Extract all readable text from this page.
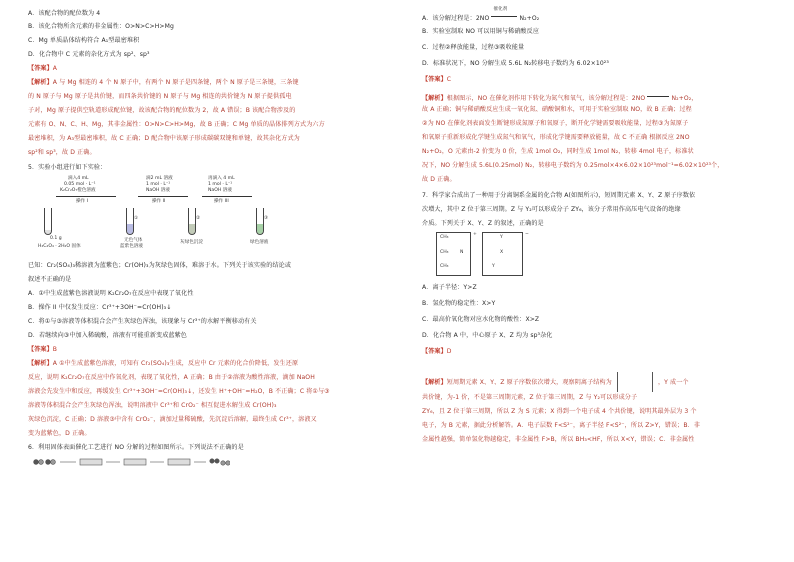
A．该配合物的配位数为 4
B．该化合物所含元素的非金属性：O>N>C>H>Mg
C．Mg 单质晶体结构符合 A₁型最密堆积
D．化合物中 C 元素的杂化方式为 sp²、sp³
【答案】A
【解析】A 与 Mg 相连的 4 个 N 原子中，有两个 N 原子是四条键，两个 N 原子是三条键，三条键
的 N 原子与 Mg 原子是共价键，而四条共价键的 N 原子与 Mg 相连的共价键为 N 原子提供孤电
子对，Mg 原子提供空轨道形成配位键，故该配合物的配位数为 2，故 A 错误；B 该配合物涉及的
元素有 O、N、C、H、Mg，其非金属性：O>N>C>H>Mg，故 B 正确；C Mg 单质的晶体排列方式为六方
最密堆积，为 A₃型最密堆积，故 C 正确；D 配合物中该原子形成碳碳双键和单键，故其杂化方式为
sp²和 sp³，故 D 正确。
5．实验小组进行如下实验：
滴入4 mL
0.05 mol · L⁻¹
K₂Cr₂O₇橙色溶液
操作 I
滴2 mL 溶液
1 mol · L⁻¹
NaOH 溶液
操作 II
再滴入 4 mL
1 mol · L⁻¹
NaOH 溶液
操作 III
①	②	③
0.1 g
H₂C₂O₄ · 2H₂O 固体
无色气体
蓝紫色溶液
灰绿色沉淀	绿色溶液
已知：Cr₂(SO₄)₃稀溶液为蓝紫色；Cr(OH)₃为灰绿色固体，难溶于水。下列关于该实验的结论或
叙述不正确的是
A．①中生成蓝紫色溶液说明 K₂Cr₂O₇在反应中表现了氧化性
B．操作 II 中仅发生反应：Cr³⁺+3OH⁻=Cr(OH)₃↓
C．将①与③溶液等体积混合会产生灰绿色浑浊，该现象与 Cr³⁺的水解平衡移动有关
D．若继续向③中加入稀硫酸，溶液有可能重新变成蓝紫色
【答案】B
【解析】A ①中生成蓝紫色溶液，可知有 Cr₂(SO₄)₃生成，反应中 Cr 元素的化合价降低，发生还原
反应，说明 K₂Cr₂O₇在反应中作氧化剂，表现了氧化性，A 正确；B 由于②溶液为酸性溶液，滴加 NaOH
溶液会先发生中和反应，再缓发生 Cr³⁺+3OH⁻=Cr(OH)₃↓，还发生 H⁺+OH⁻=H₂O，B 不正确；C 将①与③
溶液等体积混合会产生灰绿色浑浊，说明溶液中 Cr³⁺和 CrO₂⁻ 相互促进水解生成 Cr(OH)₃
灰绿色沉淀，C 正确；D 溶液③中含有 CrO₂⁻，滴加过量稀硫酸，先沉淀后溶解，最终生成 Cr³⁺，溶液又
变为蓝紫色，D 正确。
6．利用固体表面催化工艺进行 NO 分解的过程如图所示。下列说法不正确的是
A．该分解过程是：2NO
催化剂
N₂+O₂
B．实验室制取 NO 可以用铜与稀硝酸反应
C．过程②释放能量，过程③吸收能量
D．标准状况下，NO 分解生成 5.6L N₂转移电子数约为 6.02×10²³
【答案】C
【解析】根据图示，NO 在催化剂作用下转化为氮气和氧气，该分解过程是：2NO	N₂+O₂，
故 A 正确；铜与稀硝酸反应生成一氧化氮、硝酸铜和水，可用于实验室制取 NO，故 B 正确；过程
②为 NO 在催化剂表面发生断键形成氮原子和氧原子，断开化学键需要吸收能量，过程③为氮原子
和氧原子重新形成化学键生成氮气和氧气，形成化学键需要释放能量，故 C 不正确 根据反应 2NO
N₂+O₂，O 元素由-2 价变为 0 价，生成 1mol O₂，同时生成 1mol N₂，转移 4mol 电子，标准状
况下，NO 分解生成 5.6L(0.25mol) N₂，转移电子数约为 0.25mol×4×6.02×10²³mol⁻¹=6.02×10²³个，
故 D 正确。
7．科学家合成出了一种用于分离铜系金属的化合物 A(如图所示)，短周期元素 X、Y、Z 原子序数依
次增大，其中 Z 位于第三周期。Z 与 Y₂可以形成分子 ZY₆，该分子常用作高压电气设备的绝缘
介质。下列关于 X、Y、Z 的叙述，正确的是
CH₃
CH₃
CH₃
N
+
Y
X
Y
−
A．离子半径：Y>Z
B．氢化物的稳定性：X>Y
C．最高价氧化物对应水化物的酸性：X>Z
D．化合物 A 中，中心原子 X、Z 均为 sp³杂化
【答案】D
【解析】短周期元素 X、Y、Z 原子序数依次增大，观察阴离子结构为	，Y 成一个
共价键，为-1 价，不是第三周期元素，Z 位于第三周期，Z 与 Y₂可以形成分子
ZY₆，且 Z 位于第三周期，所以 Z 为 S 元素；X 得到一个电子成 4 个共价键，说明其最外层为 3 个
电子，为 B 元素，据此分析解答。A．电子层数 F<S²⁻，离子半径 F<S²⁻，所以 Z>Y，错误；B．非
金属性越强，简单氢化物越稳定，非金属性 F>B，所以 BH₃<HF，所以 X<Y，错误；C．非金属性
